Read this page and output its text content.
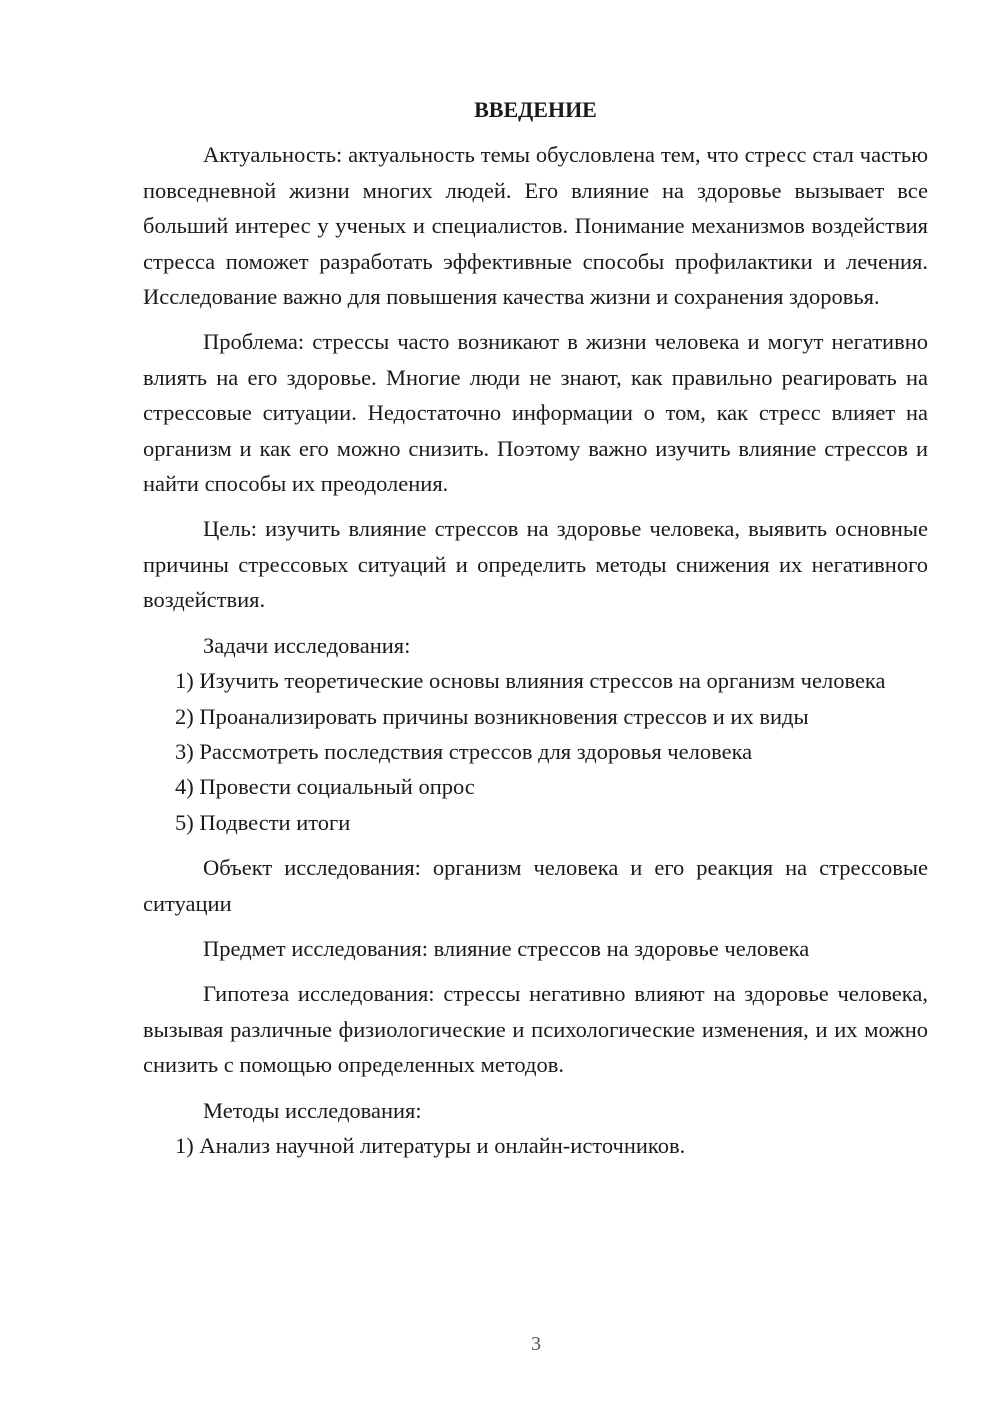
ВВЕДЕНИЕ

Актуальность: актуальность темы обусловлена тем, что стресс стал частью повседневной жизни многих людей. Его влияние на здоровье вызывает все больший интерес у ученых и специалистов. Понимание механизмов воздействия стресса поможет разработать эффективные способы профилактики и лечения. Исследование важно для повышения качества жизни и сохранения здоровья.

Проблема: стрессы часто возникают в жизни человека и могут негативно влиять на его здоровье. Многие люди не знают, как правильно реагировать на стрессовые ситуации. Недостаточно информации о том, как стресс влияет на организм и как его можно снизить. Поэтому важно изучить влияние стрессов и найти способы их преодоления.

Цель: изучить влияние стрессов на здоровье человека, выявить основные причины стрессовых ситуаций и определить методы снижения их негативного воздействия.

Задачи исследования:

1) Изучить теоретические основы влияния стрессов на организм человека

2) Проанализировать причины возникновения стрессов и их виды

3) Рассмотреть последствия стрессов для здоровья человека

4) Провести социальный опрос

5) Подвести итоги

Объект исследования: организм человека и его реакция на стрессовые ситуации

Предмет исследования: влияние стрессов на здоровье человека

Гипотеза исследования: стрессы негативно влияют на здоровье человека, вызывая различные физиологические и психологические изменения, и их можно снизить с помощью определенных методов.

Методы исследования:

1) Анализ научной литературы и онлайн-источников.

3
